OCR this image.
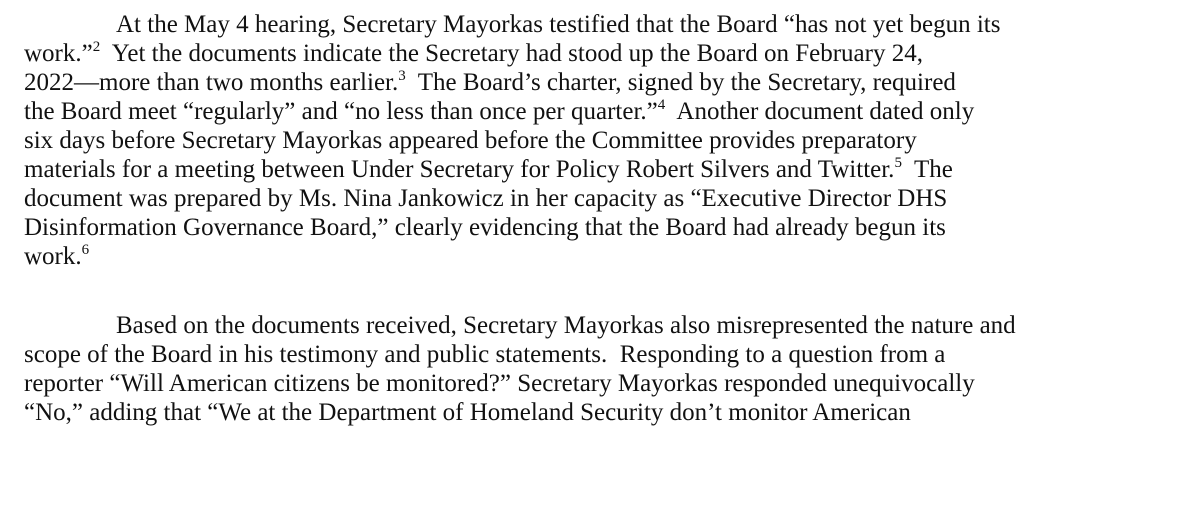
At the May 4 hearing, Secretary Mayorkas testified that the Board “has not yet begun its
work.”$^2$  Yet the documents indicate the Secretary had stood up the Board on February 24,
2022—more than two months earlier.$^3$  The Board’s charter, signed by the Secretary, required
the Board meet “regularly” and “no less than once per quarter.”$^4$  Another document dated only
six days before Secretary Mayorkas appeared before the Committee provides preparatory
materials for a meeting between Under Secretary for Policy Robert Silvers and Twitter.$^5$  The
document was prepared by Ms. Nina Jankowicz in her capacity as “Executive Director DHS
Disinformation Governance Board,” clearly evidencing that the Board had already begun its
work.$^6$

Based on the documents received, Secretary Mayorkas also misrepresented the nature and
scope of the Board in his testimony and public statements.  Responding to a question from a
reporter “Will American citizens be monitored?” Secretary Mayorkas responded unequivocally
“No,” adding that “We at the Department of Homeland Security don’t monitor American
